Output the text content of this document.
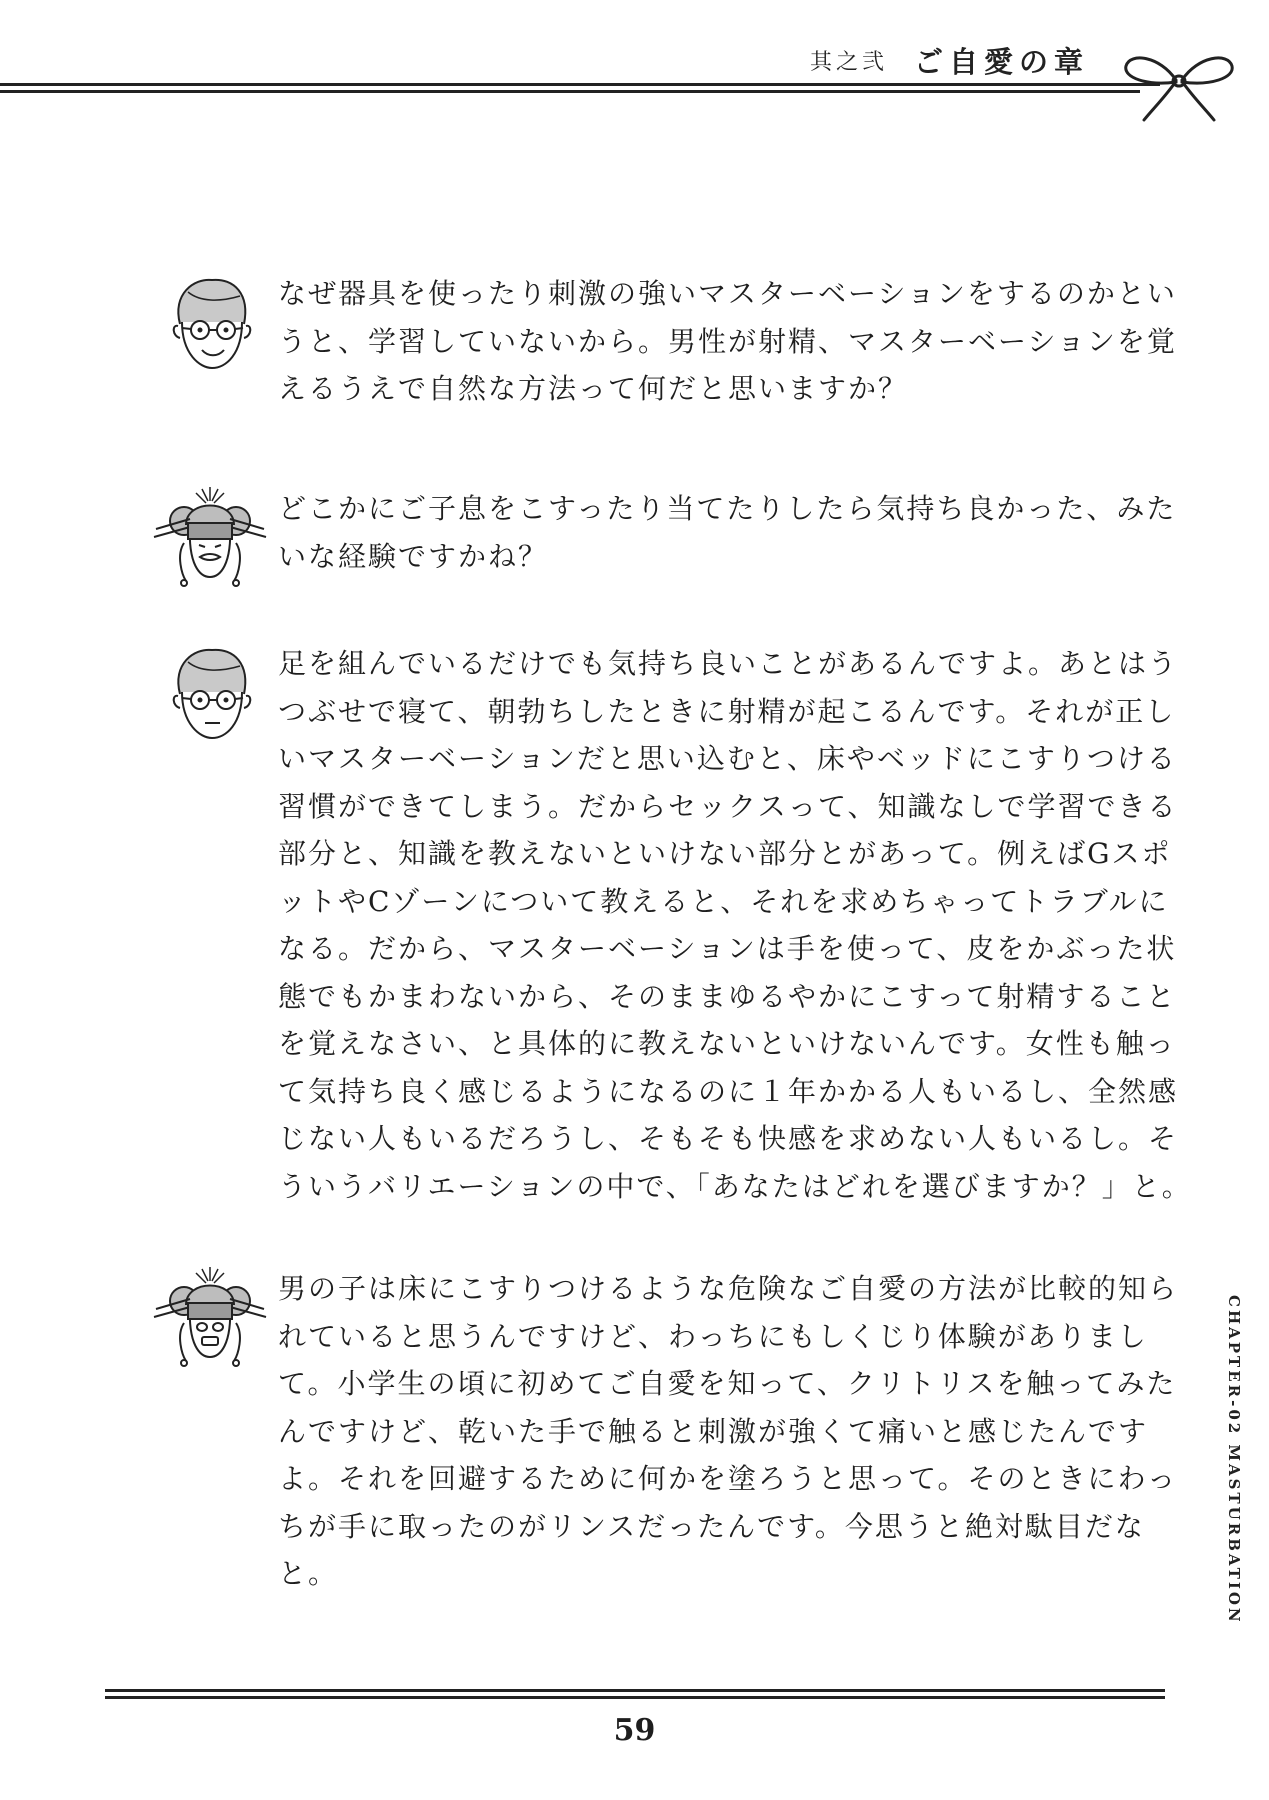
其之弐 ご自愛の章

なぜ器具を使ったり刺激の強いマスターベーションをするのかというと、学習していないから。男性が射精、マスターベーションを覚えるうえで自然な方法って何だと思いますか？

どこかにご子息をこすったり当てたりしたら気持ち良かった、みたいな経験ですかね？

足を組んでいるだけでも気持ち良いことがあるんですよ。あとはうつぶせで寝て、朝勃ちしたときに射精が起こるんです。それが正しいマスターベーションだと思い込むと、床やベッドにこすりつける習慣ができてしまう。だからセックスって、知識なしで学習できる部分と、知識を教えないといけない部分とがあって。例えばGスポットやCゾーンについて教えると、それを求めちゃってトラブルになる。だから、マスターベーションは手を使って、皮をかぶった状態でもかまわないから、そのままゆるやかにこすって射精することを覚えなさい、と具体的に教えないといけないんです。女性も触って気持ち良く感じるようになるのに１年かかる人もいるし、全然感じない人もいるだろうし、そもそも快感を求めない人もいるし。そういうバリエーションの中で、「あなたはどれを選びますか？」と。

男の子は床にこすりつけるような危険なご自愛の方法が比較的知られていると思うんですけど、わっちにもしくじり体験がありまして。小学生の頃に初めてご自愛を知って、クリトリスを触ってみたんですけど、乾いた手で触ると刺激が強くて痛いと感じたんですよ。それを回避するために何かを塗ろうと思って。そのときにわっちが手に取ったのがリンスだったんです。今思うと絶対駄目だなと。	CHAPTER-02 MASTURBATION
59
